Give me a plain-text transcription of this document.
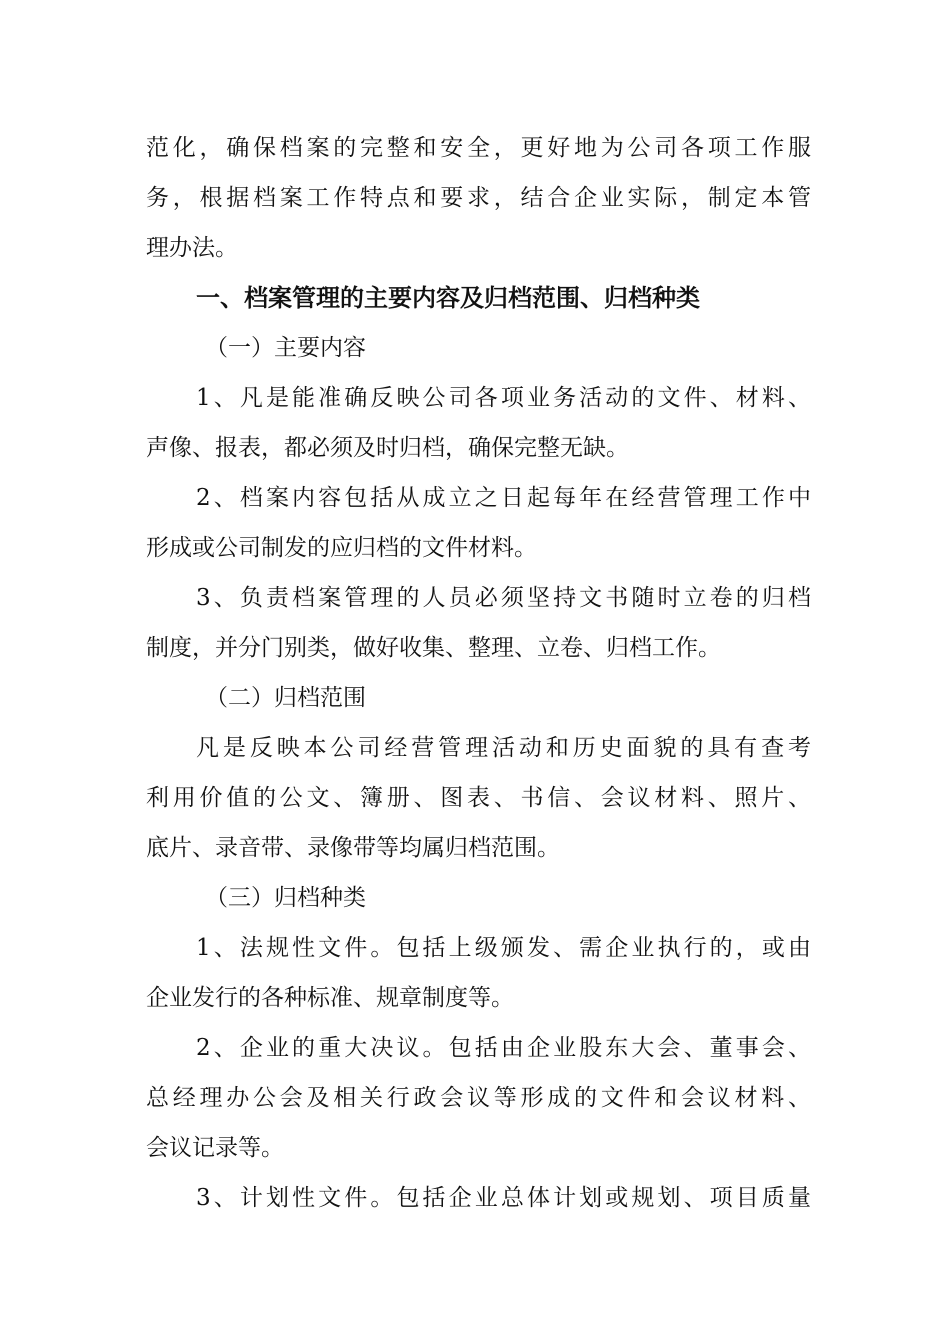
范化，确保档案的完整和安全，更好地为公司各项工作服
务，根据档案工作特点和要求，结合企业实际，制定本管
理办法。
一、档案管理的主要内容及归档范围、归档种类
（一）主要内容
1、凡是能准确反映公司各项业务活动的文件、材料、
声像、报表，都必须及时归档，确保完整无缺。
2、档案内容包括从成立之日起每年在经营管理工作中
形成或公司制发的应归档的文件材料。
3、负责档案管理的人员必须坚持文书随时立卷的归档
制度，并分门别类，做好收集、整理、立卷、归档工作。
（二）归档范围
凡是反映本公司经营管理活动和历史面貌的具有查考
利用价值的公文、簿册、图表、书信、会议材料、照片、
底片、录音带、录像带等均属归档范围。
（三）归档种类
1、法规性文件。包括上级颁发、需企业执行的，或由
企业发行的各种标准、规章制度等。
2、企业的重大决议。包括由企业股东大会、董事会、
总经理办公会及相关行政会议等形成的文件和会议材料、
会议记录等。
3、计划性文件。包括企业总体计划或规划、项目质量
